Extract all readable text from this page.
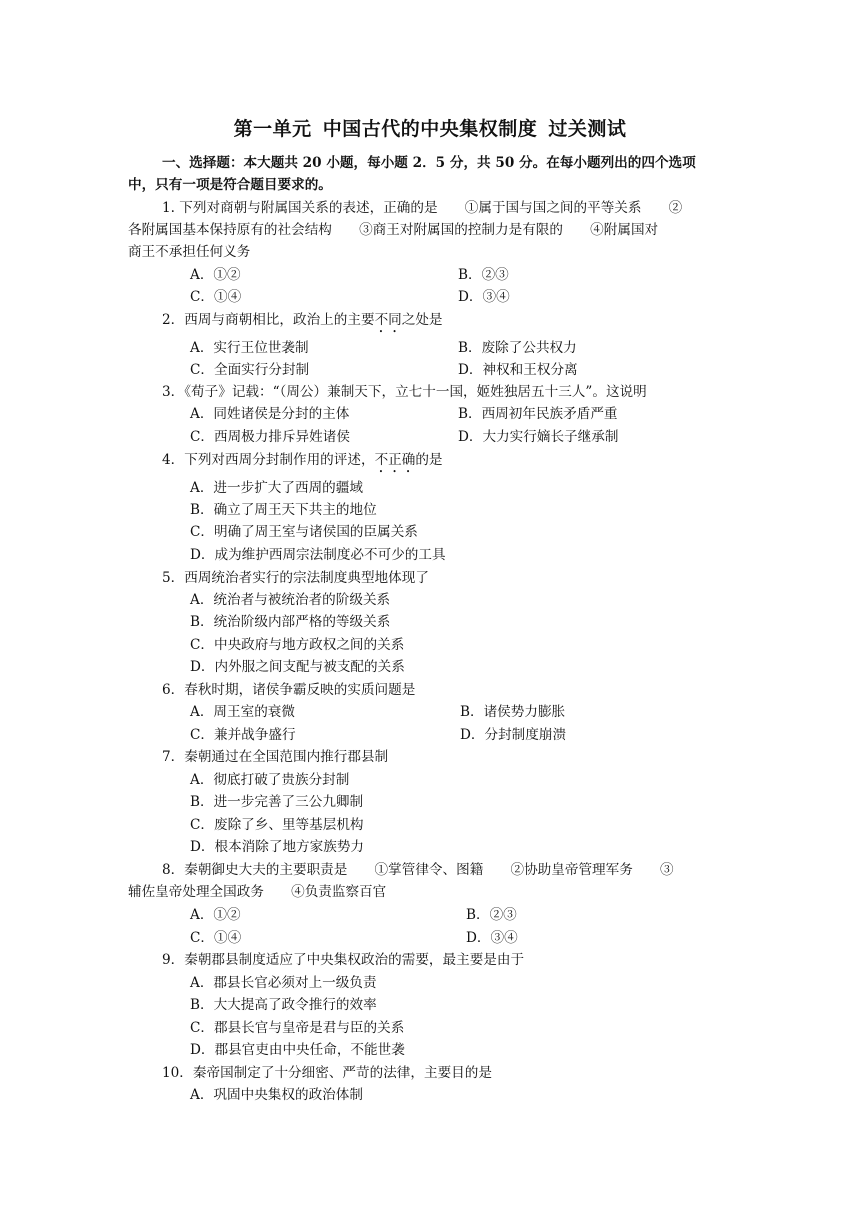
第一单元 中国古代的中央集权制度 过关测试
一、选择题：本大题共 20 小题，每小题 2．5 分，共 50 分。在每小题列出的四个选项
中，只有一项是符合题目要求的。
1. 下列对商朝与附属国关系的表述，正确的是　　①属于国与国之间的平等关系　　②
各附属国基本保持原有的社会结构　　③商王对附属国的控制力是有限的　　④附属国对
商王不承担任何义务
A．①②	B．②③
C．①④	D．③④
2．西周与商朝相比，政治上的主要不同之处是
A．实行王位世袭制	B．废除了公共权力
C．全面实行分封制	D．神权和王权分离
3．《荀子》记载：“（周公）兼制天下，立七十一国，姬姓独居五十三人”。这说明
A．同姓诸侯是分封的主体	B．西周初年民族矛盾严重
C．西周极力排斥异姓诸侯	D．大力实行嫡长子继承制
4．下列对西周分封制作用的评述，不正确的是
A．进一步扩大了西周的疆域
B．确立了周王天下共主的地位
C．明确了周王室与诸侯国的臣属关系
D．成为维护西周宗法制度必不可少的工具
5．西周统治者实行的宗法制度典型地体现了
A．统治者与被统治者的阶级关系
B．统治阶级内部严格的等级关系
C．中央政府与地方政权之间的关系
D．内外服之间支配与被支配的关系
6．春秋时期，诸侯争霸反映的实质问题是
A．周王室的衰微	B．诸侯势力膨胀
C．兼并战争盛行	D．分封制度崩溃
7．秦朝通过在全国范围内推行郡县制
A．彻底打破了贵族分封制
B．进一步完善了三公九卿制
C．废除了乡、里等基层机构
D．根本消除了地方家族势力
8．秦朝御史大夫的主要职责是　　①掌管律令、图籍　　②协助皇帝管理军务　　③
辅佐皇帝处理全国政务　　④负责监察百官
A．①②	B．②③
C．①④	D．③④
9．秦朝郡县制度适应了中央集权政治的需要，最主要是由于
A．郡县长官必须对上一级负责
B．大大提高了政令推行的效率
C．郡县长官与皇帝是君与臣的关系
D．郡县官吏由中央任命，不能世袭
10．秦帝国制定了十分细密、严苛的法律，主要目的是
A．巩固中央集权的政治体制
